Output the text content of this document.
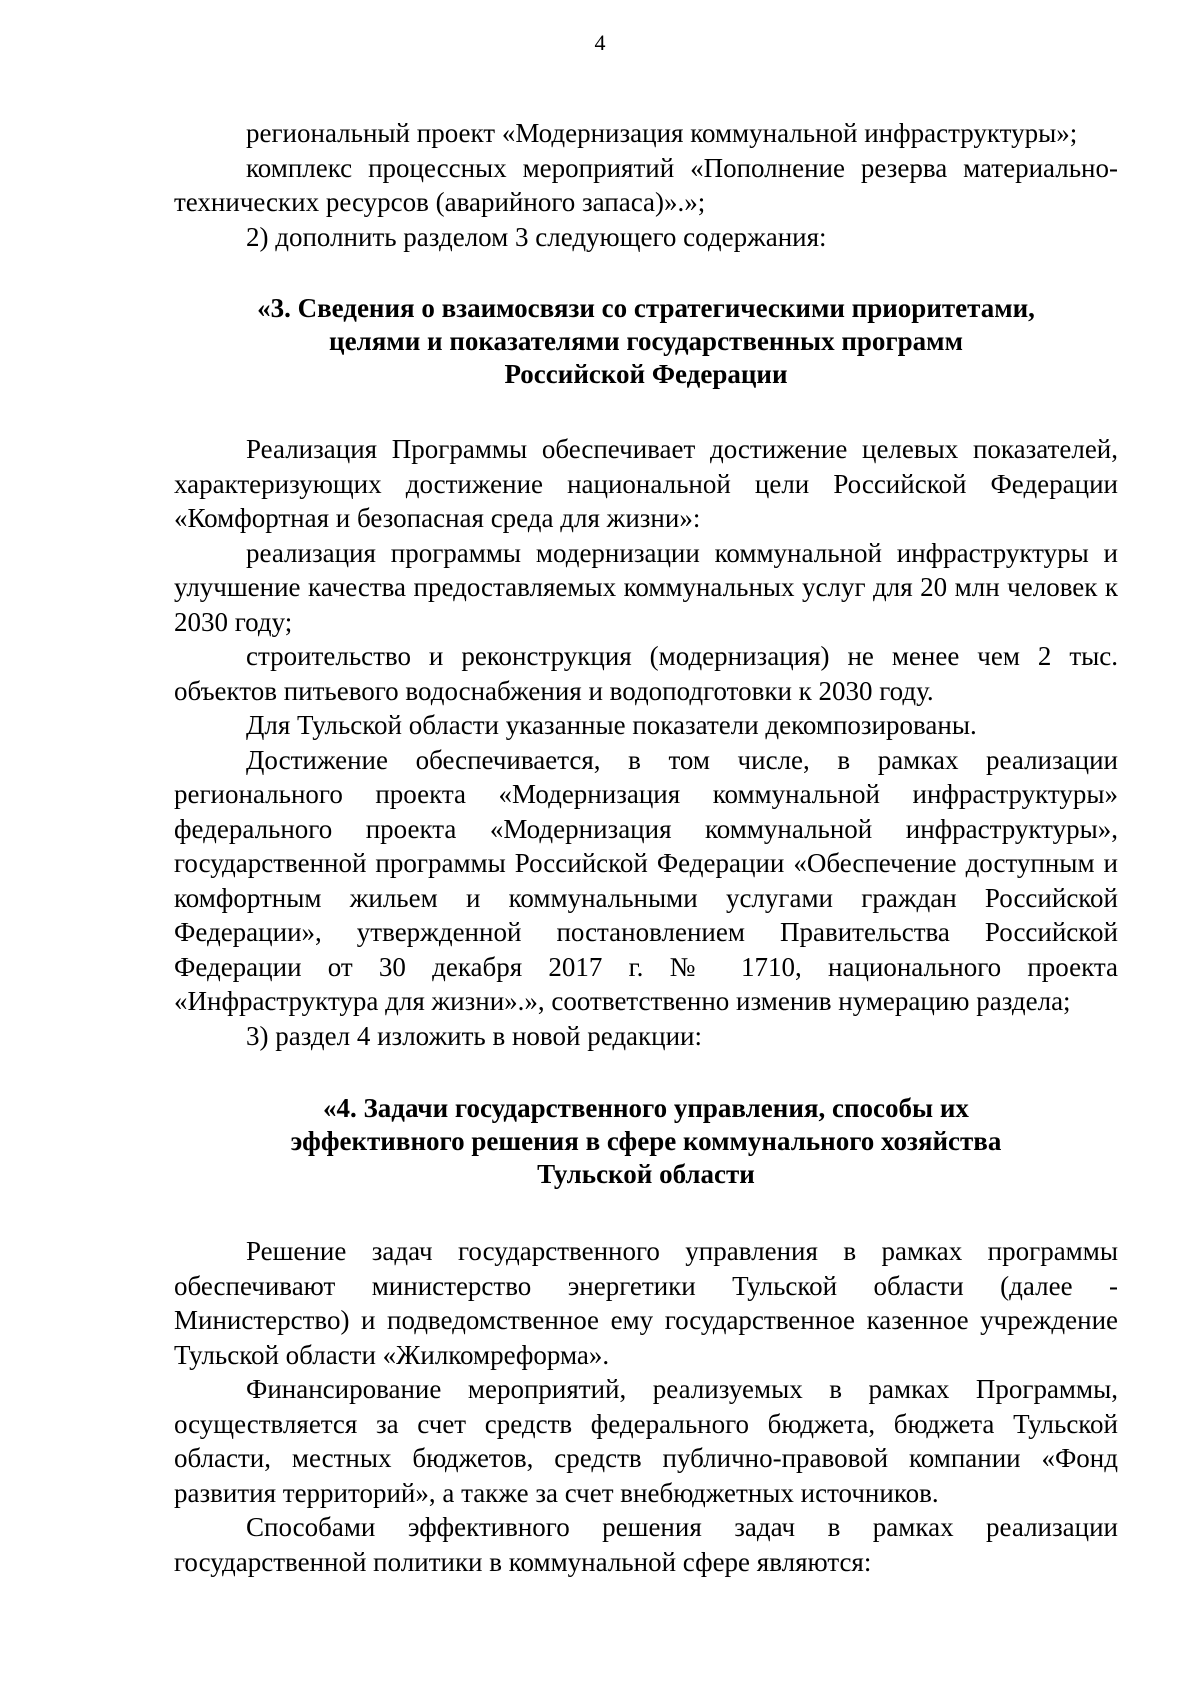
4

региональный проект «Модернизация коммунальной инфраструктуры»;

комплекс процессных мероприятий «Пополнение резерва материально-технических ресурсов (аварийного запаса)».»;

2) дополнить разделом 3 следующего содержания:

«3. Сведения о взаимосвязи со стратегическими приоритетами,
целями и показателями государственных программ
Российской Федерации

Реализация Программы обеспечивает достижение целевых показателей, характеризующих достижение национальной цели Российской Федерации «Комфортная и безопасная среда для жизни»:

реализация программы модернизации коммунальной инфраструктуры и улучшение качества предоставляемых коммунальных услуг для 20 млн человек к 2030 году;

строительство и реконструкция (модернизация) не менее чем 2 тыс. объектов питьевого водоснабжения и водоподготовки к 2030 году.

Для Тульской области указанные показатели декомпозированы.

Достижение обеспечивается, в том числе, в рамках реализации регионального проекта «Модернизация коммунальной инфраструктуры» федерального проекта «Модернизация коммунальной инфраструктуры», государственной программы Российской Федерации «Обеспечение доступным и комфортным жильем и коммунальными услугами граждан Российской Федерации», утвержденной постановлением Правительства Российской Федерации от 30 декабря 2017 г. № 1710, национального проекта «Инфраструктура для жизни».», соответственно изменив нумерацию раздела;

3) раздел 4 изложить в новой редакции:

«4. Задачи государственного управления, способы их
эффективного решения в сфере коммунального хозяйства
Тульской области

Решение задач государственного управления в рамках программы обеспечивают министерство энергетики Тульской области (далее - Министерство) и подведомственное ему государственное казенное учреждение Тульской области «Жилкомреформа».

Финансирование мероприятий, реализуемых в рамках Программы, осуществляется за счет средств федерального бюджета, бюджета Тульской области, местных бюджетов, средств публично-правовой компании «Фонд развития территорий», а также за счет внебюджетных источников.

Способами эффективного решения задач в рамках реализации государственной политики в коммунальной сфере являются:
